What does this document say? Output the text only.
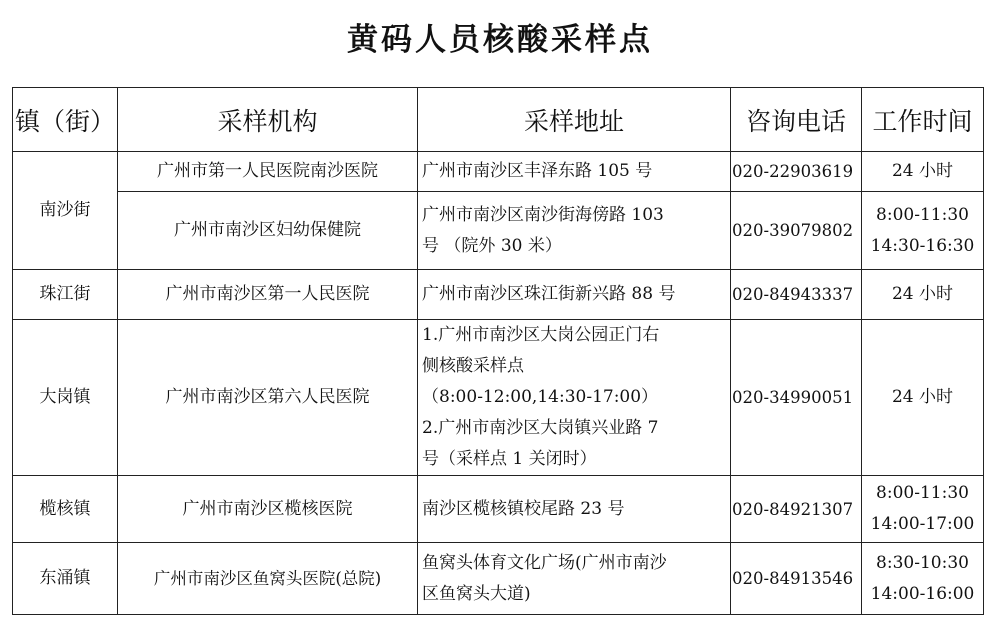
黄码人员核酸采样点
镇（街）	采样机构	采样地址	咨询电话	工作时间
南沙街	广州市第一人民医院南沙医院	广州市南沙区丰泽东路 105 号	020-22903619	24 小时

	广州市南沙区妇幼保健院	广州市南沙区南沙街海傍路 103
号 （院外 30 米）	020-39079802	8:00-11:30
14:30-16:30

珠江街	广州市南沙区第一人民医院	广州市南沙区珠江街新兴路 88 号	020-84943337	24 小时

大岗镇	广州市南沙区第六人民医院	1.广州市南沙区大岗公园正门右
侧核酸采样点
（8:00-12:00,14:30-17:00）
2.广州市南沙区大岗镇兴业路 7
号（采样点 1 关闭时）	020-34990051	24 小时

榄核镇	广州市南沙区榄核医院	南沙区榄核镇校尾路 23 号	020-84921307	8:00-11:30
14:00-17:00

东涌镇	广州市南沙区鱼窝头医院(总院)	鱼窝头体育文化广场(广州市南沙
区鱼窝头大道)	020-84913546	8:30-10:30
14:00-16:00
